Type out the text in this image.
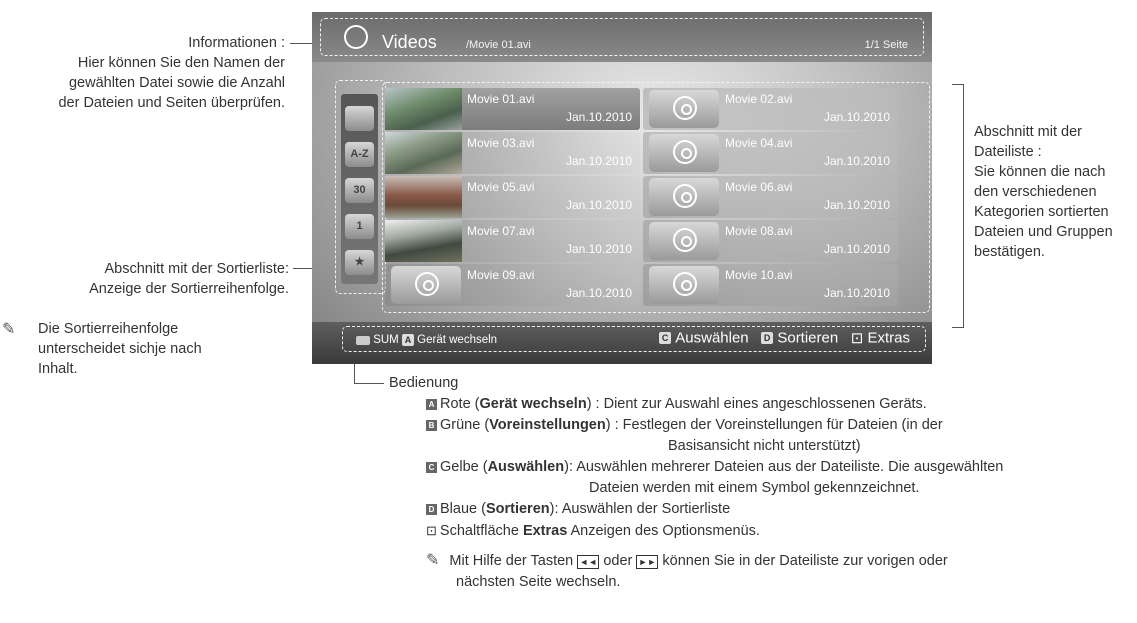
Informationen :
Hier können Sie den Namen der
gewählten Datei sowie die Anzahl
der Dateien und Seiten überprüfen.
Abschnitt mit der Sortierliste:
Anzeige der Sortierreihenfolge.
✎ Die Sortierreihenfolge
unterscheidet sichje nach
Inhalt.
Abschnitt mit der
Dateiliste :
Sie können die nach
den verschiedenen
Kategorien sortierten
Dateien und Gruppen
bestätigen.
Videos	/Movie 01.avi	1/1 Seite
A-Z
30
1
★
Movie 01.avi
Jan.10.2010
Movie 02.avi
Jan.10.2010
Movie 03.avi
Jan.10.2010
Movie 04.avi
Jan.10.2010
Movie 05.avi
Jan.10.2010
Movie 06.avi
Jan.10.2010
Movie 07.avi
Jan.10.2010
Movie 08.avi
Jan.10.2010
Movie 09.avi
Jan.10.2010
Movie 10.avi
Jan.10.2010
SUM A Gerät wechseln	C Auswählen D Sortieren ⊡ Extras
Bedienung
A Rote (Gerät wechseln) : Dient zur Auswahl eines angeschlossenen Geräts.
B Grüne (Voreinstellungen) : Festlegen der Voreinstellungen für Dateien (in der
Basisansicht nicht unterstützt)
C Gelbe (Auswählen): Auswählen mehrerer Dateien aus der Dateiliste. Die ausgewählten
Dateien werden mit einem Symbol gekennzeichnet.
D Blaue (Sortieren): Auswählen der Sortierliste
⊡ Schaltfläche Extras Anzeigen des Optionsmenüs.
✎ Mit Hilfe der Tasten ◄◄ oder ►► können Sie in der Dateiliste zur vorigen oder
nächsten Seite wechseln.
